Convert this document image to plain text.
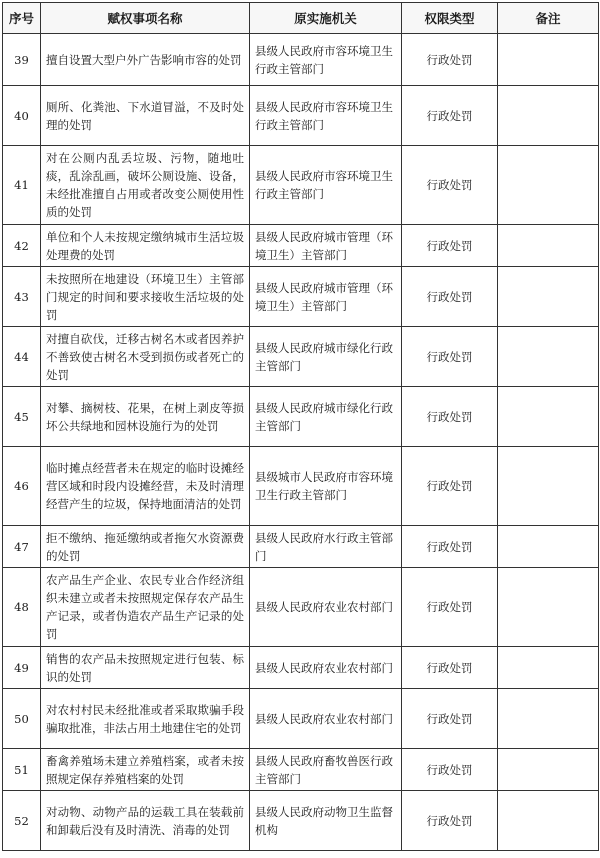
序号	赋权事项名称	原实施机关	权限类型	备注
39	擅自设置大型户外广告影响市容的处罚	县级人民政府市容环境卫生行政主管部门	行政处罚	
40	厕所、化粪池、下水道冒溢，不及时处理的处罚	县级人民政府市容环境卫生行政主管部门	行政处罚	
41	对在公厕内乱丢垃圾、污物，随地吐痰，乱涂乱画，破坏公厕设施、设备，未经批准擅自占用或者改变公厕使用性质的处罚	县级人民政府市容环境卫生行政主管部门	行政处罚	
42	单位和个人未按规定缴纳城市生活垃圾处理费的处罚	县级人民政府城市管理（环境卫生）主管部门	行政处罚	
43	未按照所在地建设（环境卫生）主管部门规定的时间和要求接收生活垃圾的处罚	县级人民政府城市管理（环境卫生）主管部门	行政处罚	
44	对擅自砍伐，迁移古树名木或者因养护不善致使古树名木受到损伤或者死亡的处罚	县级人民政府城市绿化行政主管部门	行政处罚	
45	对攀、摘树枝、花果，在树上剥皮等损坏公共绿地和园林设施行为的处罚	县级人民政府城市绿化行政主管部门	行政处罚	
46	临时摊点经营者未在规定的临时设摊经营区域和时段内设摊经营，未及时清理经营产生的垃圾，保持地面清洁的处罚	县级城市人民政府市容环境卫生行政主管部门	行政处罚	
47	拒不缴纳、拖延缴纳或者拖欠水资源费的处罚	县级人民政府水行政主管部门	行政处罚	
48	农产品生产企业、农民专业合作经济组织未建立或者未按照规定保存农产品生产记录，或者伪造农产品生产记录的处罚	县级人民政府农业农村部门	行政处罚	
49	销售的农产品未按照规定进行包装、标识的处罚	县级人民政府农业农村部门	行政处罚	
50	对农村村民未经批准或者采取欺骗手段骗取批准，非法占用土地建住宅的处罚	县级人民政府农业农村部门	行政处罚	
51	畜禽养殖场未建立养殖档案，或者未按照规定保存养殖档案的处罚	县级人民政府畜牧兽医行政主管部门	行政处罚	
52	对动物、动物产品的运载工具在装载前和卸载后没有及时清洗、消毒的处罚	县级人民政府动物卫生监督机构	行政处罚	
